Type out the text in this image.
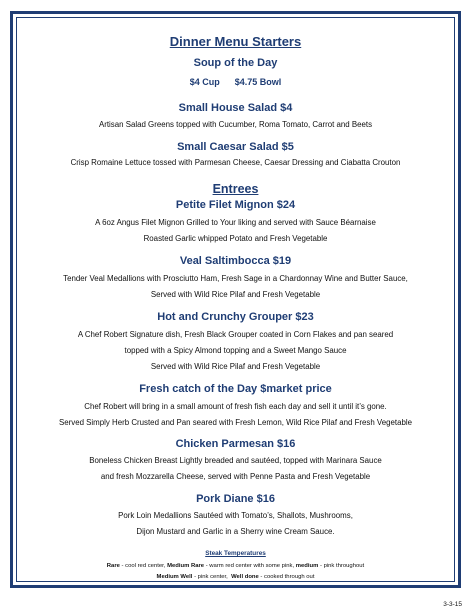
Dinner Menu Starters
Soup of the Day
$4 Cup $4.75 Bowl
Small House Salad $4
Artisan Salad Greens topped with Cucumber, Roma Tomato, Carrot and Beets
Small Caesar Salad $5
Crisp Romaine Lettuce tossed with Parmesan Cheese, Caesar Dressing and Ciabatta Crouton
Entrees
Petite Filet Mignon $24
A 6oz Angus Filet Mignon Grilled to Your liking and served with Sauce Béarnaise
Roasted Garlic whipped Potato and Fresh Vegetable
Veal Saltimbocca $19
Tender Veal Medallions with Prosciutto Ham, Fresh Sage in a Chardonnay Wine and Butter Sauce,
Served with Wild Rice Pilaf and Fresh Vegetable
Hot and Crunchy Grouper $23
A Chef Robert Signature dish, Fresh Black Grouper coated in Corn Flakes and pan seared
topped with a Spicy Almond topping and a Sweet Mango Sauce
Served with Wild Rice Pilaf and Fresh Vegetable
Fresh catch of the Day $market price
Chef Robert will bring in a small amount of fresh fish each day and sell it until it’s gone.
Served Simply Herb Crusted and Pan seared with Fresh Lemon, Wild Rice Pilaf and Fresh Vegetable
Chicken Parmesan $16
Boneless Chicken Breast Lightly breaded and sautéed, topped with Marinara Sauce
and fresh Mozzarella Cheese, served with Penne Pasta and Fresh Vegetable
Pork Diane $16
Pork Loin Medallions Sautéed with Tomato’s, Shallots, Mushrooms,
Dijon Mustard and Garlic in a Sherry wine Cream Sauce.
Steak Temperatures
Rare - cool red center, Medium Rare - warm red center with some pink, medium - pink throughout
Medium Well - pink center,  Well done - cooked through out
3-3-15
